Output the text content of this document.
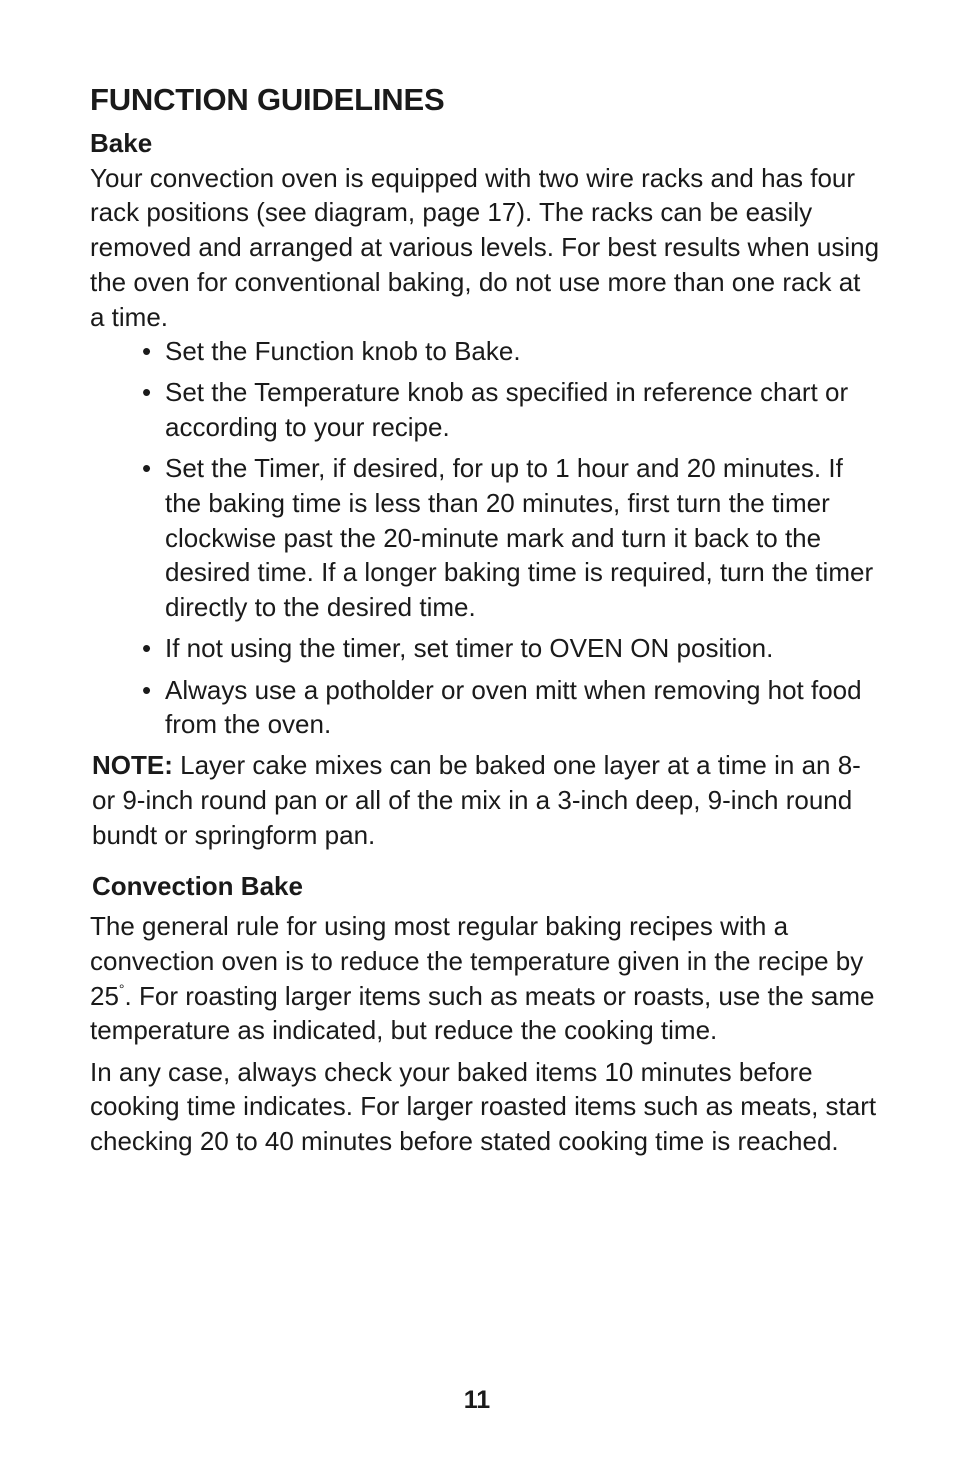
FUNCTION GUIDELINES
Bake

Your convection oven is equipped with two wire racks and has four rack positions (see diagram, page 17). The racks can be easily removed and arranged at various levels. For best results when using the oven for conventional baking, do not use more than one rack at a time.

• Set the Function knob to Bake.
• Set the Temperature knob as specified in reference chart or according to your recipe.
• Set the Timer, if desired, for up to 1 hour and 20 minutes. If the baking time is less than 20 minutes, first turn the timer clockwise past the 20-minute mark and turn it back to the desired time. If a longer baking time is required, turn the timer directly to the desired time.
• If not using the timer, set timer to OVEN ON position.
• Always use a potholder or oven mitt when removing hot food from the oven.

NOTE: Layer cake mixes can be baked one layer at a time in an 8- or 9-inch round pan or all of the mix in a 3-inch deep, 9-inch round bundt or springform pan.

Convection Bake

The general rule for using most regular baking recipes with a convection oven is to reduce the temperature given in the recipe by 25°. For roasting larger items such as meats or roasts, use the same temperature as indicated, but reduce the cooking time.

In any case, always check your baked items 10 minutes before cooking time indicates. For larger roasted items such as meats, start checking 20 to 40 minutes before stated cooking time is reached.

11
